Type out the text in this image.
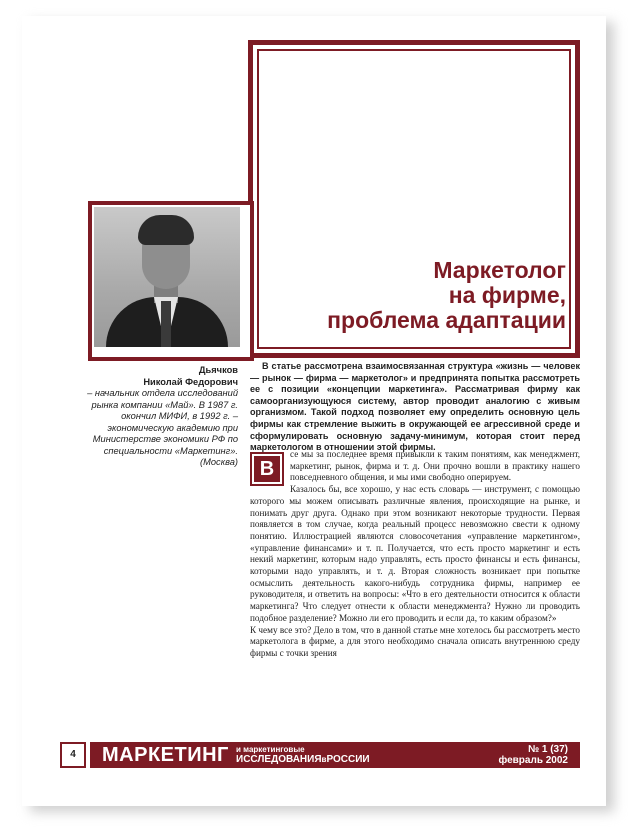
Маркетолог
на фирме,
проблема адаптации
Дьячков
Николай Федорович
– начальник отдела исследований рынка компании «Май». В 1987 г. окончил МИФИ, в 1992 г. – экономическую академию при Министерстве экономики РФ по специальности «Маркетинг». (Москва)
В статье рассмотрена взаимосвязанная структура «жизнь — человек — рынок — фирма — маркетолог» и предпринята попытка рассмотреть ее с позиции «концепции маркетинга». Рассматривая фирму как самоорганизующуюся систему, автор проводит аналогию с живым организмом. Такой подход позволяет ему определить основную цель фирмы как стремление выжить в окружающей ее агрессивной среде и сформулировать основную задачу-минимум, которая стоит перед маркетологом в отношении этой фирмы.
В

се мы за последнее время привыкли к таким понятиям, как менеджмент, маркетинг, рынок, фирма и т. д. Они прочно вошли в практику нашего повседневного общения, и мы ими свободно оперируем.

Казалось бы, все хорошо, у нас есть словарь — инструмент, с помощью которого мы можем описывать различные явления, происходящие на рынке, и понимать друг друга. Однако при этом возникают некоторые трудности. Первая появляется в том случае, когда реальный процесс невозможно свести к одному понятию. Иллюстрацией являются словосочетания «управление маркетингом», «управление финансами» и т. п. Получается, что есть просто маркетинг и есть некий маркетинг, которым надо управлять, есть просто финансы и есть финансы, которыми надо управлять, и т. д. Вторая сложность возникает при попытке осмыслить деятельность какого-нибудь сотрудника фирмы, например ее руководителя, и ответить на вопросы: «Что в его деятельности относится к области маркетинга? Что следует отнести к области менеджмента? Нужно ли проводить подобное разделение? Можно ли его проводить и если да, то каким образом?»

К чему все это? Дело в том, что в данной статье мне хотелось бы рассмотреть место маркетолога в фирме, а для этого необходимо сначала описать внутреннюю среду фирмы с точки зрения

4	МАРКЕТИНГ и маркетинговые
ИССЛЕДОВАНИЯвРОССИИ
№ 1 (37)
февраль 2002
